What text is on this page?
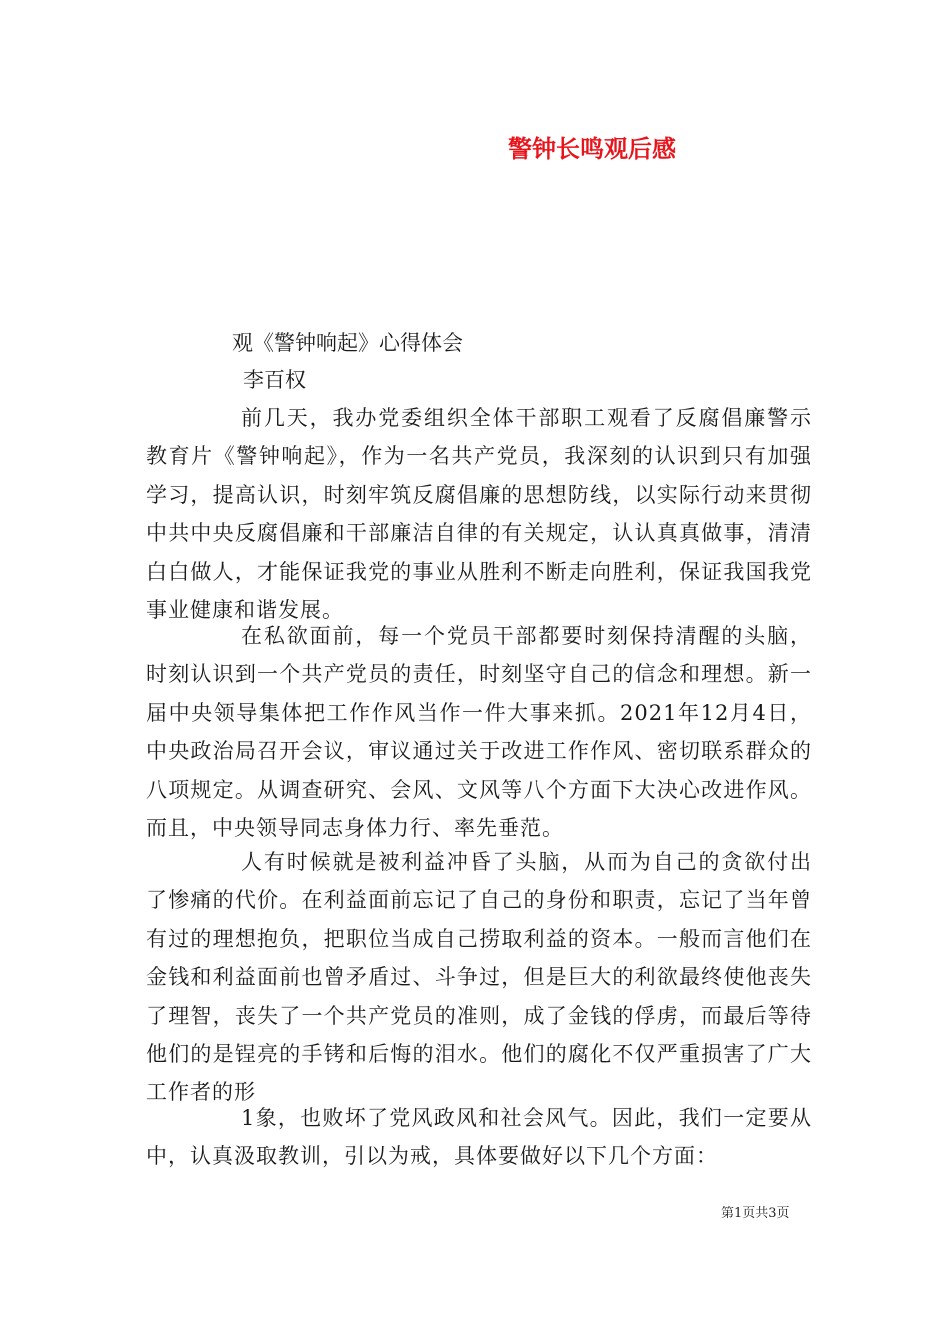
警钟长鸣观后感
观《警钟响起》心得体会
李百权
前几天，我办党委组织全体干部职工观看了反腐倡廉警示教育片《警钟响起》，作为一名共产党员，我深刻的认识到只有加强学习，提高认识，时刻牢筑反腐倡廉的思想防线，以实际行动来贯彻中共中央反腐倡廉和干部廉洁自律的有关规定，认认真真做事，清清白白做人，才能保证我党的事业从胜利不断走向胜利，保证我国我党事业健康和谐发展。
在私欲面前，每一个党员干部都要时刻保持清醒的头脑，时刻认识到一个共产党员的责任，时刻坚守自己的信念和理想。新一届中央领导集体把工作作风当作一件大事来抓。2021年12月4日，中央政治局召开会议，审议通过关于改进工作作风、密切联系群众的八项规定。从调查研究、会风、文风等八个方面下大决心改进作风。而且，中央领导同志身体力行、率先垂范。
人有时候就是被利益冲昏了头脑，从而为自己的贪欲付出了惨痛的代价。在利益面前忘记了自己的身份和职责，忘记了当年曾有过的理想抱负，把职位当成自己捞取利益的资本。一般而言他们在金钱和利益面前也曾矛盾过、斗争过，但是巨大的利欲最终使他丧失了理智，丧失了一个共产党员的准则，成了金钱的俘虏，而最后等待他们的是锃亮的手铐和后悔的泪水。他们的腐化不仅严重损害了广大工作者的形
1象，也败坏了党风政风和社会风气。因此，我们一定要从中，认真汲取教训，引以为戒，具体要做好以下几个方面：
第1页共3页
